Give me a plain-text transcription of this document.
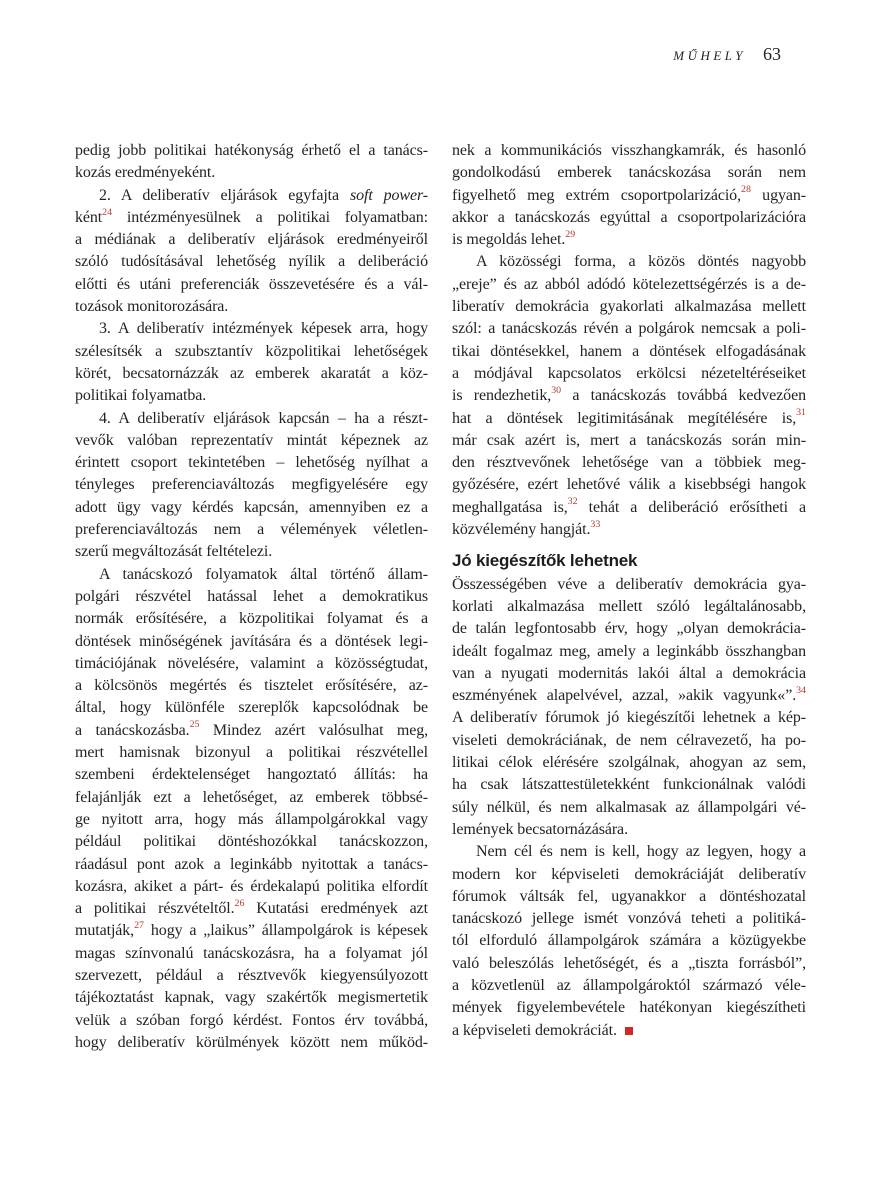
MŰHELY 63
pedig jobb politikai hatékonyság érhető el a tanács-
kozás eredményeként.
2. A deliberatív eljárások egyfajta soft power-
ként$^{24}$ intézményesülnek a politikai folyamatban:
a médiának a deliberatív eljárások eredményeiről
szóló tudósításával lehetőség nyílik a deliberáció
előtti és utáni preferenciák összevetésére és a vál-
tozások monitorozására.
3. A deliberatív intézmények képesek arra, hogy
szélesítsék a szubsztantív közpolitikai lehetőségek
körét, becsatornázzák az emberek akaratát a köz-
politikai folyamatba.
4. A deliberatív eljárások kapcsán – ha a részt-
vevők valóban reprezentatív mintát képeznek az
érintett csoport tekintetében – lehetőség nyílhat a
tényleges preferenciaváltozás megfigyelésére egy
adott ügy vagy kérdés kapcsán, amennyiben ez a
preferenciaváltozás nem a vélemények véletlen-
szerű megváltozását feltételezi.
A tanácskozó folyamatok által történő állam-
polgári részvétel hatással lehet a demokratikus
normák erősítésére, a közpolitikai folyamat és a
döntések minőségének javítására és a döntések legi-
timációjának növelésére, valamint a közösségtudat,
a kölcsönös megértés és tisztelet erősítésére, az-
által, hogy különféle szereplők kapcsolódnak be
a tanácskozásba.$^{25}$ Mindez azért valósulhat meg,
mert hamisnak bizonyul a politikai részvétellel
szembeni érdektelenséget hangoztató állítás: ha
felajánlják ezt a lehetőséget, az emberek többsé-
ge nyitott arra, hogy más állampolgárokkal vagy
például politikai döntéshozókkal tanácskozzon,
ráadásul pont azok a leginkább nyitottak a tanács-
kozásra, akiket a párt- és érdekalapú politika elfordít
a politikai részvételtől.$^{26}$ Kutatási eredmények azt
mutatják,$^{27}$ hogy a „laikus” állampolgárok is képesek
magas színvonalú tanácskozásra, ha a folyamat jól
szervezett, például a résztvevők kiegyensúlyozott
tájékoztatást kapnak, vagy szakértők megismertetik
velük a szóban forgó kérdést. Fontos érv továbbá,
hogy deliberatív körülmények között nem működ-
nek a kommunikációs visszhangkamrák, és hasonló
gondolkodású emberek tanácskozása során nem
figyelhető meg extrém csoportpolarizáció,$^{28}$ ugyan-
akkor a tanácskozás egyúttal a csoportpolarizációra
is megoldás lehet.$^{29}$
A közösségi forma, a közös döntés nagyobb
„ereje” és az abból adódó kötelezettségérzés is a de-
liberatív demokrácia gyakorlati alkalmazása mellett
szól: a tanácskozás révén a polgárok nemcsak a poli-
tikai döntésekkel, hanem a döntések elfogadásának
a módjával kapcsolatos erkölcsi nézeteltéréseiket
is rendezhetik,$^{30}$ a tanácskozás továbbá kedvezően
hat a döntések legitimitásának megítélésére is,$^{31}$
már csak azért is, mert a tanácskozás során min-
den résztvevőnek lehetősége van a többiek meg-
győzésére, ezért lehetővé válik a kisebbségi hangok
meghallgatása is,$^{32}$ tehát a deliberáció erősítheti a
közvélemény hangját.$^{33}$
Jó kiegészítők lehetnek
Összességében véve a deliberatív demokrácia gya-
korlati alkalmazása mellett szóló legáltalánosabb,
de talán legfontosabb érv, hogy „olyan demokrácia-
ideált fogalmaz meg, amely a leginkább összhangban
van a nyugati modernitás lakói által a demokrácia
eszményének alapelvével, azzal, »akik vagyunk«”.$^{34}$
A deliberatív fórumok jó kiegészítői lehetnek a kép-
viseleti demokráciának, de nem célravezető, ha po-
litikai célok elérésére szolgálnak, ahogyan az sem,
ha csak látszattestületekként funkcionálnak valódi
súly nélkül, és nem alkalmasak az állampolgári vé-
lemények becsatornázására.
Nem cél és nem is kell, hogy az legyen, hogy a
modern kor képviseleti demokráciáját deliberatív
fórumok váltsák fel, ugyanakkor a döntéshozatal
tanácskozó jellege ismét vonzóvá teheti a politiká-
tól elforduló állampolgárok számára a közügyekbe
való beleszólás lehetőségét, és a „tiszta forrásból”,
a közvetlenül az állampolgároktól származó véle-
mények figyelembevétele hatékonyan kiegészítheti
a képviseleti demokráciát.
